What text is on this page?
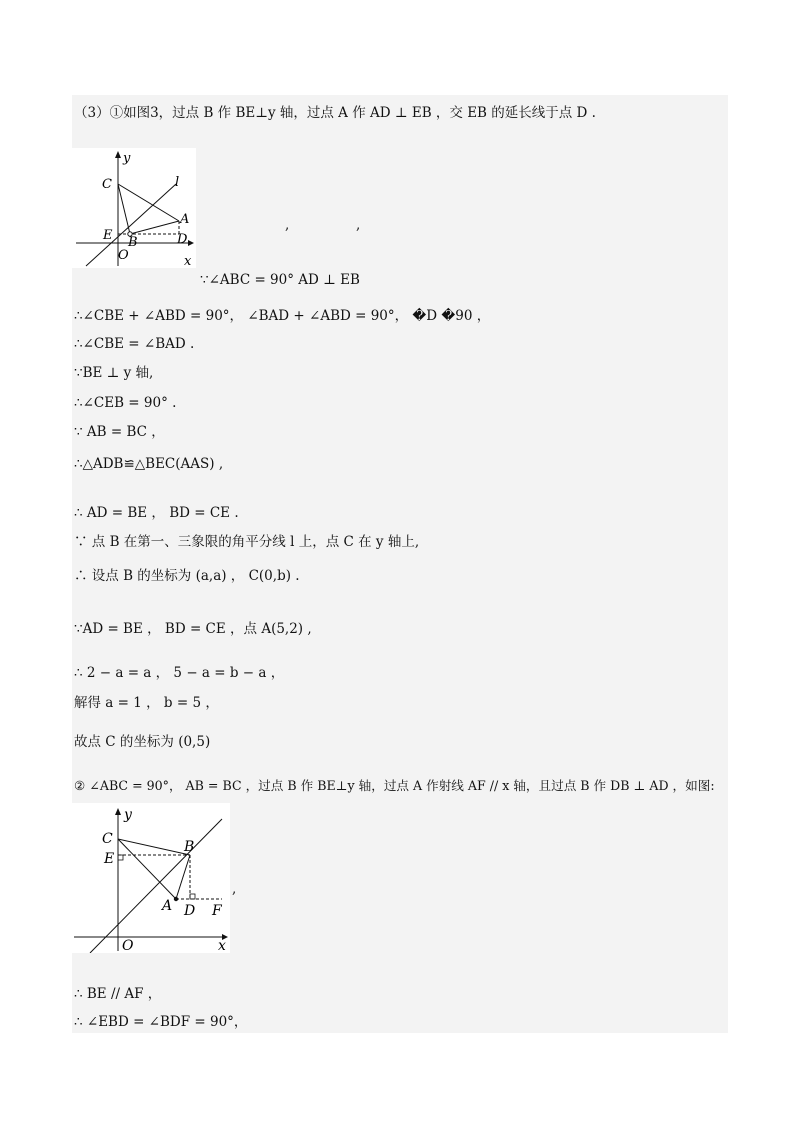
（3）①如图3，过点 B 作 BE⊥y 轴，过点 A 作 AD ⊥ EB ，交 EB 的延长线于点 D .
y
C	l
A
E B	D
O	x
,	,
∵∠ABC = 90° AD ⊥ EB
∴∠CBE + ∠ABD = 90°， ∠BAD + ∠ABD = 90°， �D �90 ，
∴∠CBE = ∠BAD .
∵BE ⊥ y 轴,
∴∠CEB = 90° .
∵ AB = BC ，
∴△ADB≌△BEC(AAS) ,
∴ AD = BE ， BD = CE .
∵ 点 B 在第一、三象限的角平分线 l 上，点 C 在 y 轴上,
∴ 设点 B 的坐标为 (a,a) ， C(0,b) .
∵AD = BE ， BD = CE ，点 A(5,2) ,
∴ 2 − a = a ， 5 − a = b − a ，
解得 a = 1 ， b = 5 ，
故点 C 的坐标为 (0,5)
② ∠ABC = 90°， AB = BC ，过点 B 作 BE⊥y 轴，过点 A 作射线 AF // x 轴，且过点 B 作 DB ⊥ AD ，如图:
C
y
B
E
A D F
O	x
,
∴ BE // AF ，
∴ ∠EBD = ∠BDF = 90°，
